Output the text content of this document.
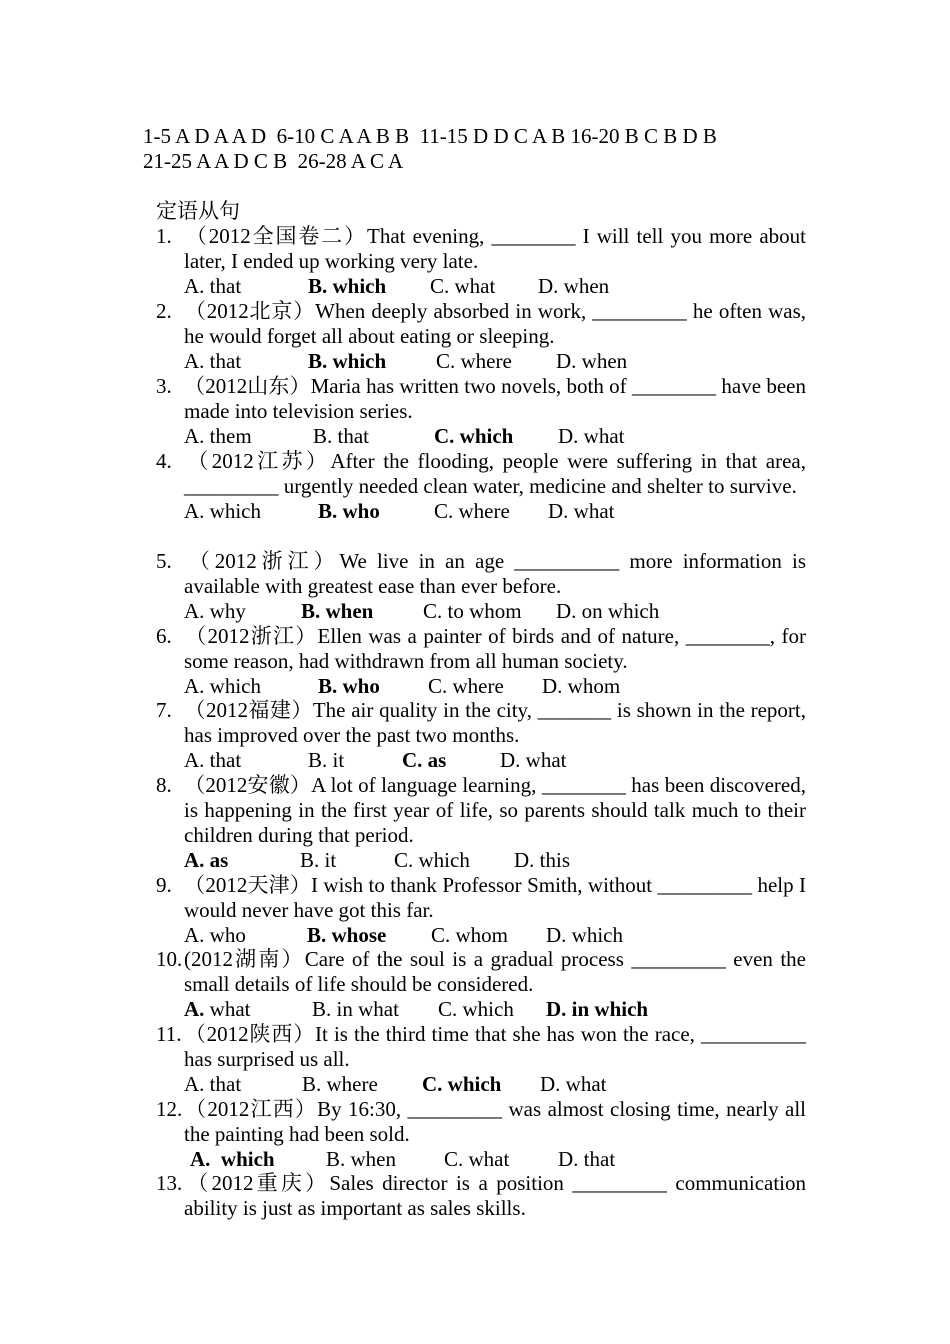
1-5 A D A A D  6-10 C A A B B  11-15 D D C A B 16-20 B C B D B
21-25 A A D C B  26-28 A C A
定语从句
1. （2012全国卷二）That evening, ________ I will tell you more about later, I ended up working very late.
A. that	B. which C. what D. when
2. （2012北京）When deeply absorbed in work, _________ he often was, he would forget all about eating or sleeping.
A. that	B. which C. where D. when
3. （2012山东）Maria has written two novels, both of ________ have been made into television series.
A. them	B. that	C. which D. what
4. （2012江苏）After the flooding, people were suffering in that area, _________ urgently needed clean water, medicine and shelter to survive.
A. which	B. who	C. where D. what
5. （2012浙江）We live in an age __________ more information is available with greatest ease than ever before.
A. why	B. when C. to whom D. on which
6. （2012浙江）Ellen was a painter of birds and of nature, ________, for some reason, had withdrawn from all human society.
A. which	B. who C. where D. whom
7. （2012福建）The air quality in the city, _______ is shown in the report, has improved over the past two months.
A. that	B. it	C. as	D. what
8. （2012安徽）A lot of language learning, ________ has been discovered, is happening in the first year of life, so parents should talk much to their children during that period.
A. as	B. it	C. which D. this
9. （2012天津）I wish to thank Professor Smith, without _________ help I would never have got this far.
A. who	B. whose C. whom D. which
10.(2012湖南）Care of the soul is a gradual process _________ even the small details of life should be considered.
A. what	B. in what C. which D. in which
11. （2012陕西）It is the third time that she has won the race, __________ has surprised us all.
A. that	B. where C. which D. what
12.（2012江西）By 16:30, _________ was almost closing time, nearly all the painting had been sold.
A.  which B. when C. what D. that
13.（2012重庆）Sales director is a position _________ communication ability is just as important as sales skills.
